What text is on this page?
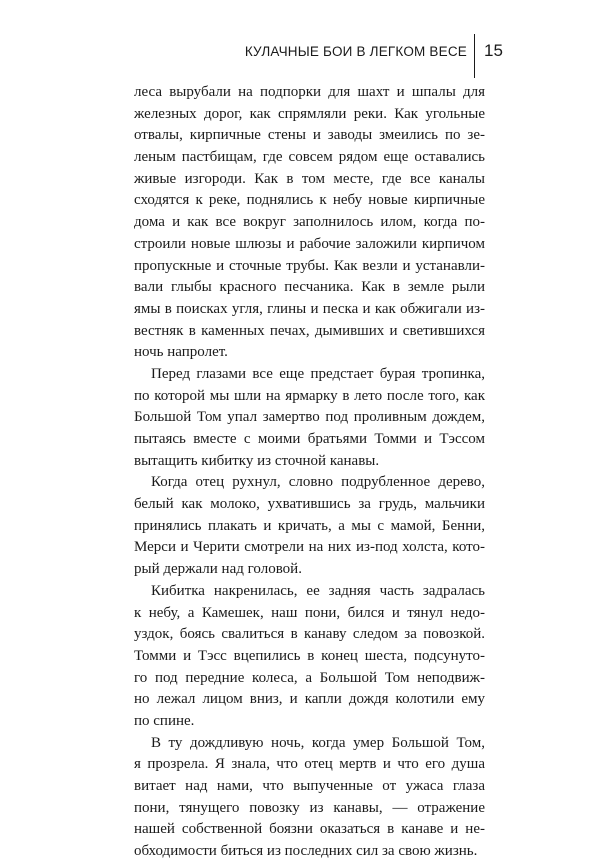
КУЛАЧНЫЕ БОИ В ЛЕГКОМ ВЕСЕ 15
леса вырубали на подпорки для шахт и шпалы для
железных дорог, как спрямляли реки. Как угольные
отвалы, кирпичные стены и заводы змеились по зе-
леным пастбищам, где совсем рядом еще оставались
живые изгороди. Как в том месте, где все каналы
сходятся к реке, поднялись к небу новые кирпичные
дома и как все вокруг заполнилось илом, когда по-
строили новые шлюзы и рабочие заложили кирпичом
пропускные и сточные трубы. Как везли и устанавли-
вали глыбы красного песчаника. Как в земле рыли
ямы в поисках угля, глины и песка и как обжигали из-
вестняк в каменных печах, дымивших и светившихся
ночь напролет.
Перед глазами все еще предстает бурая тропинка,
по которой мы шли на ярмарку в лето после того, как
Большой Том упал замертво под проливным дождем,
пытаясь вместе с моими братьями Томми и Тэссом
вытащить кибитку из сточной канавы.
Когда отец рухнул, словно подрубленное дерево,
белый как молоко, ухватившись за грудь, мальчики
принялись плакать и кричать, а мы с мамой, Бенни,
Мерси и Черити смотрели на них из-под холста, кото-
рый держали над головой.
Кибитка накренилась, ее задняя часть задралась
к небу, а Камешек, наш пони, бился и тянул недо-
уздок, боясь свалиться в канаву следом за повозкой.
Томми и Тэсс вцепились в конец шеста, подсунуто-
го под передние колеса, а Большой Том неподвиж-
но лежал лицом вниз, и капли дождя колотили ему
по спине.
В ту дождливую ночь, когда умер Большой Том,
я прозрела. Я знала, что отец мертв и что его душа
витает над нами, что выпученные от ужаса глаза
пони, тянущего повозку из канавы, — отражение
нашей собственной боязни оказаться в канаве и не-
обходимости биться из последних сил за свою жизнь.
